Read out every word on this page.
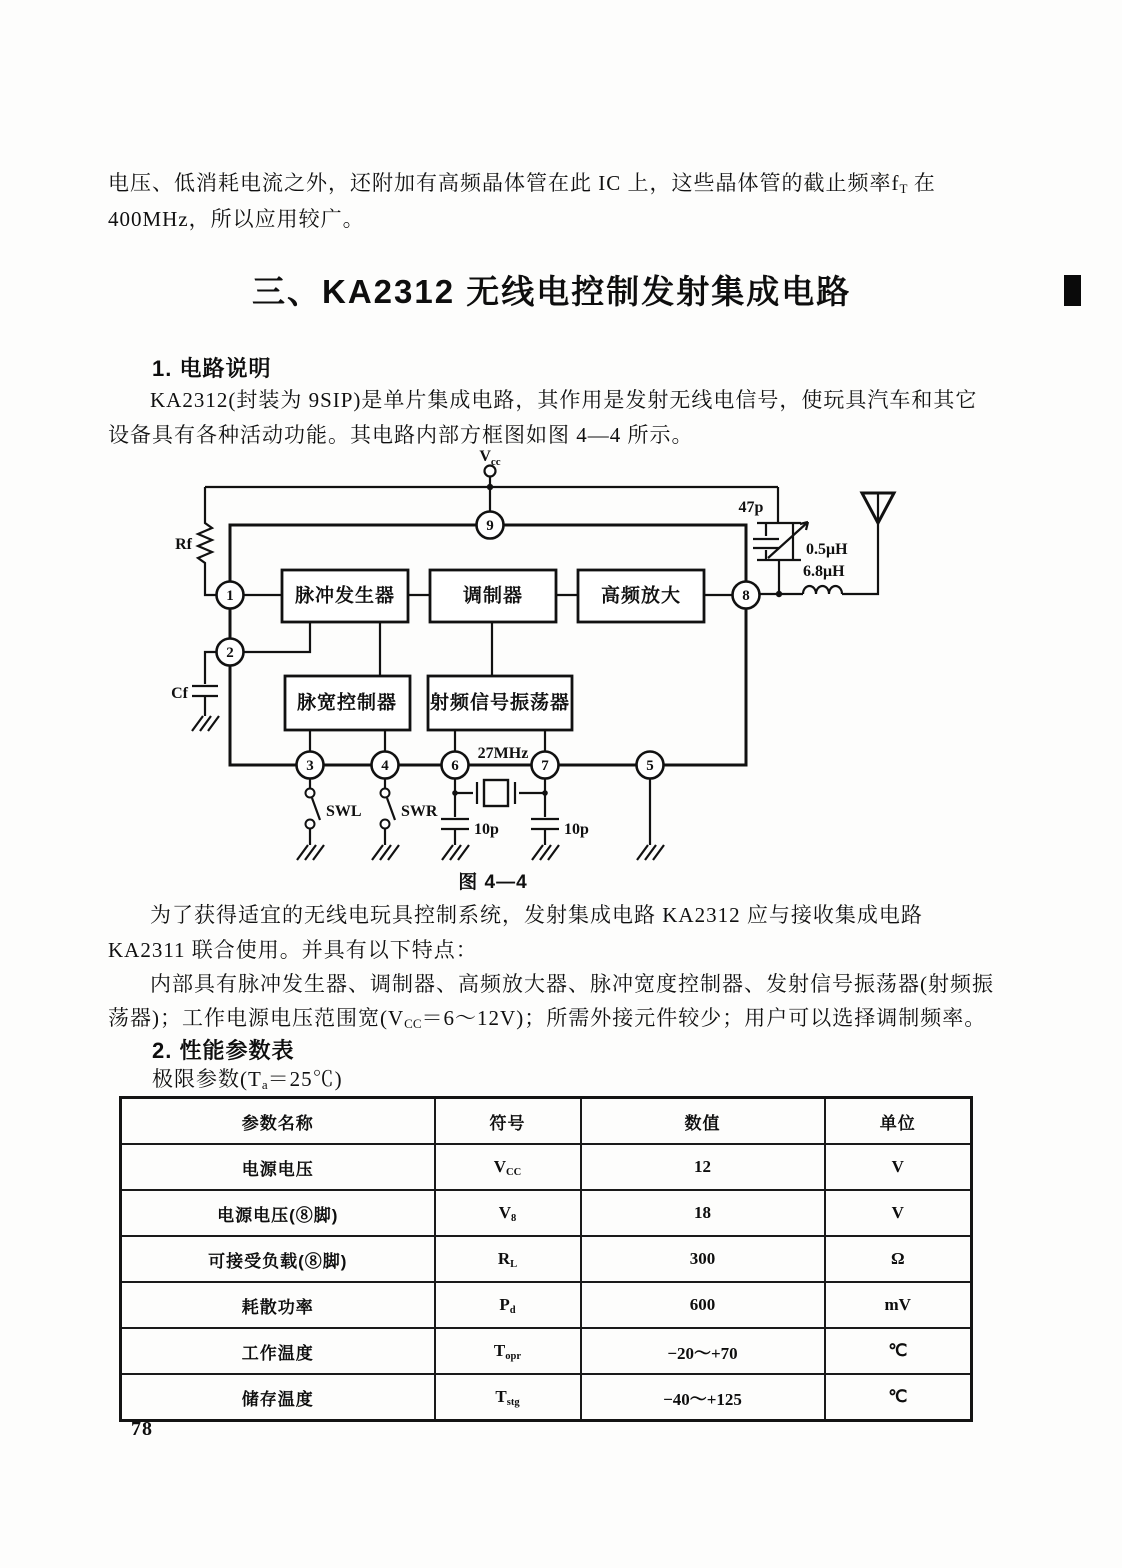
电压、低消耗电流之外，还附加有高频晶体管在此 IC 上，这些晶体管的截止频率$f_T$ 在
400MHz，所以应用较广。
三、KA2312 无线电控制发射集成电路
1. 电路说明
KA2312(封装为 9SIP)是单片集成电路，其作用是发射无线电信号，使玩具汽车和其它
设备具有各种活动功能。其电路内部方框图如图 4—4 所示。
脉冲发生器	调制器	高频放大
脉宽控制器 射频信号振荡器
9
1
2
8
3	4	6	7	5
$V_{cc}$
Rf
Cf
47p
0.5μH
6.8μH
27MHz
10p	10p
SWL SWR
图 4—4
为了获得适宜的无线电玩具控制系统，发射集成电路 KA2312 应与接收集成电路
KA2311 联合使用。并具有以下特点：
内部具有脉冲发生器、调制器、高频放大器、脉冲宽度控制器、发射信号振荡器(射频振
荡器)；工作电源电压范围宽$(V_{CC}=6\sim 12V)$；所需外接元件较少；用户可以选择调制频率。
2. 性能参数表
极限参数$(T_a=25℃)$
参数名称	符号	数值	单位
电源电压	$V_{CC}$	12	V
电源电压(⑧脚)	$V_8$	18	V
可接受负载(⑧脚)	$R_L$	300	Ω
耗散功率	$P_d$	600	mV
工作温度	$T_{opr}$	−20～+70	℃
储存温度	$T_{stg}$	−40～+125	℃
78
